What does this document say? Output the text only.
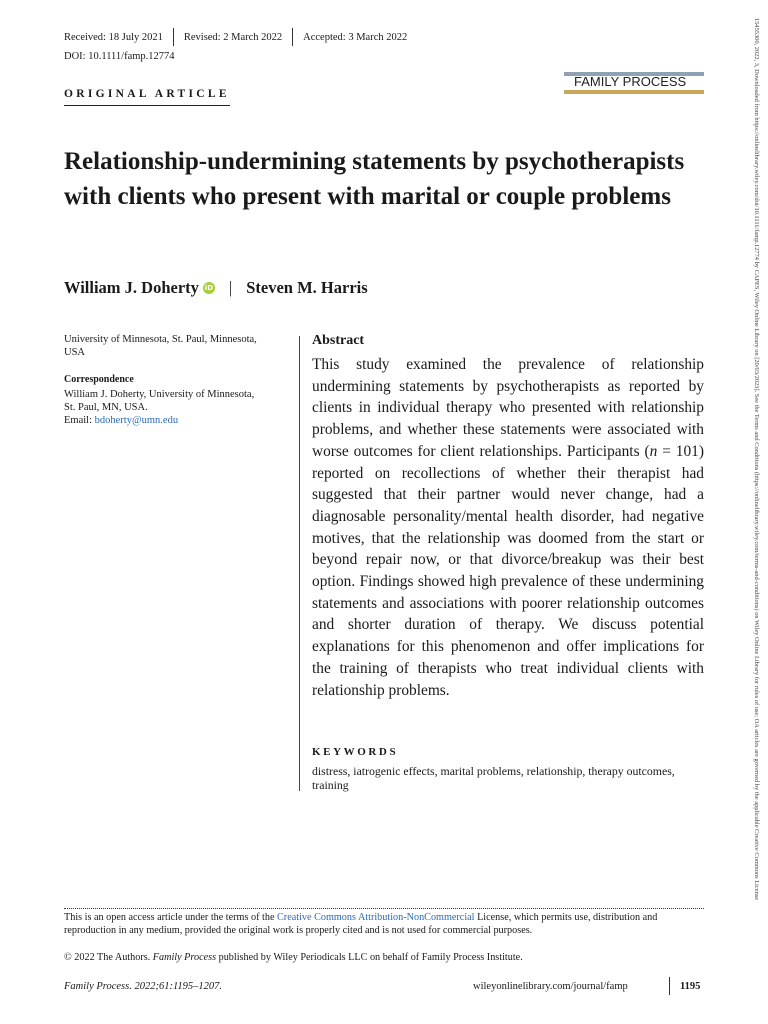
Received: 18 July 2021 Revised: 2 March 2022 Accepted: 3 March 2022
DOI: 10.1111/famp.12774
ORIGINAL ARTICLE
FAMILY PROCESS
Relationship-undermining statements by psychotherapists with clients who present with marital or couple problems
William J. Doherty iD | Steven M. Harris
University of Minnesota, St. Paul, Minnesota, USA
Correspondence
William J. Doherty, University of Minnesota, St. Paul, MN, USA.
Email: bdoherty@umn.edu
Abstract

This study examined the prevalence of relationship undermining statements by psychotherapists as reported by clients in individual therapy who presented with relationship problems, and whether these statements were associated with worse outcomes for client relationships. Participants (n = 101) reported on recollections of whether their therapist had suggested that their partner would never change, had a diagnosable personality/mental health disorder, had negative motives, that the relationship was doomed from the start or beyond repair now, or that divorce/breakup was their best option. Findings showed high prevalence of these undermining statements and associations with poorer relationship outcomes and shorter duration of therapy. We discuss potential explanations for this phenomenon and offer implications for the training of therapists who treat individual clients with relationship problems.

KEYWORDS
distress, iatrogenic effects, marital problems, relationship, therapy outcomes, training
This is an open access article under the terms of the Creative Commons Attribution-NonCommercial License, which permits use, distribution and reproduction in any medium, provided the original work is properly cited and is not used for commercial purposes.
© 2022 The Authors. Family Process published by Wiley Periodicals LLC on behalf of Family Process Institute.
Family Process. 2022;61:1195–1207.	wileyonlinelibrary.com/journal/famp	1195
15455300, 2022, 3, Downloaded from https://onlinelibrary.wiley.com/doi/10.1111/famp.12774 by CAPES, Wiley Online Library on [20/03/2023]. See the Terms and Conditions (https://onlinelibrary.wiley.com/terms-and-conditions) on Wiley Online Library for rules of use; OA articles are governed by the applicable Creative Commons License
